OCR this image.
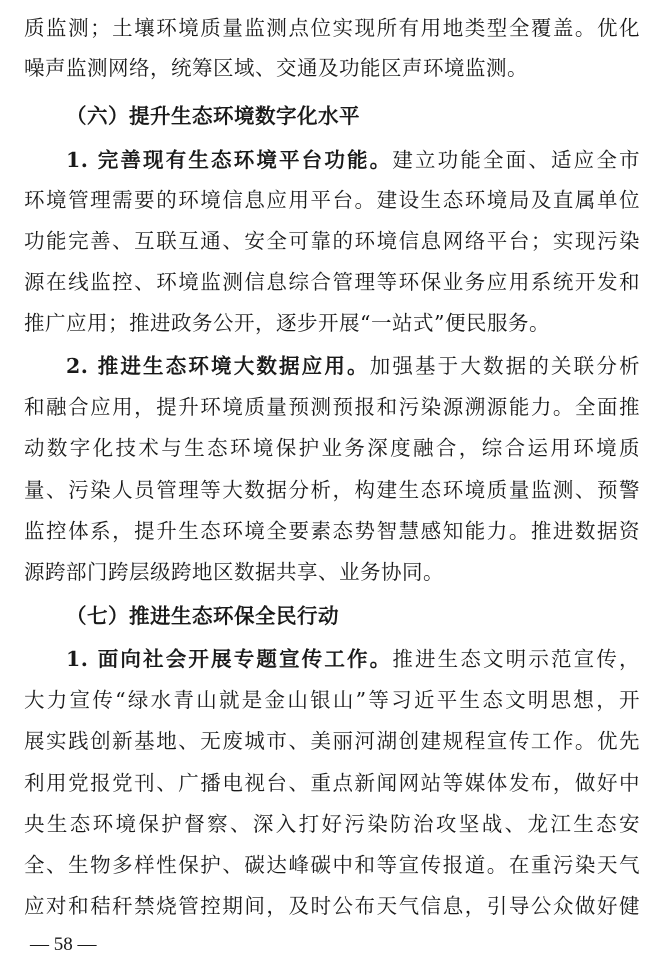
质监测；土壤环境质量监测点位实现所有用地类型全覆盖。优化
噪声监测网络，统筹区域、交通及功能区声环境监测。
（六）提升生态环境数字化水平
1. 完善现有生态环境平台功能。建立功能全面、适应全市
环境管理需要的环境信息应用平台。建设生态环境局及直属单位
功能完善、互联互通、安全可靠的环境信息网络平台；实现污染
源在线监控、环境监测信息综合管理等环保业务应用系统开发和
推广应用；推进政务公开，逐步开展“一站式”便民服务。
2. 推进生态环境大数据应用。加强基于大数据的关联分析
和融合应用，提升环境质量预测预报和污染源溯源能力。全面推
动数字化技术与生态环境保护业务深度融合，综合运用环境质
量、污染人员管理等大数据分析，构建生态环境质量监测、预警
监控体系，提升生态环境全要素态势智慧感知能力。推进数据资
源跨部门跨层级跨地区数据共享、业务协同。
（七）推进生态环保全民行动
1. 面向社会开展专题宣传工作。推进生态文明示范宣传，
大力宣传“绿水青山就是金山银山”等习近平生态文明思想，开
展实践创新基地、无废城市、美丽河湖创建规程宣传工作。优先
利用党报党刊、广播电视台、重点新闻网站等媒体发布，做好中
央生态环境保护督察、深入打好污染防治攻坚战、龙江生态安
全、生物多样性保护、碳达峰碳中和等宣传报道。在重污染天气
应对和秸秆禁烧管控期间，及时公布天气信息，引导公众做好健
— 58 —
